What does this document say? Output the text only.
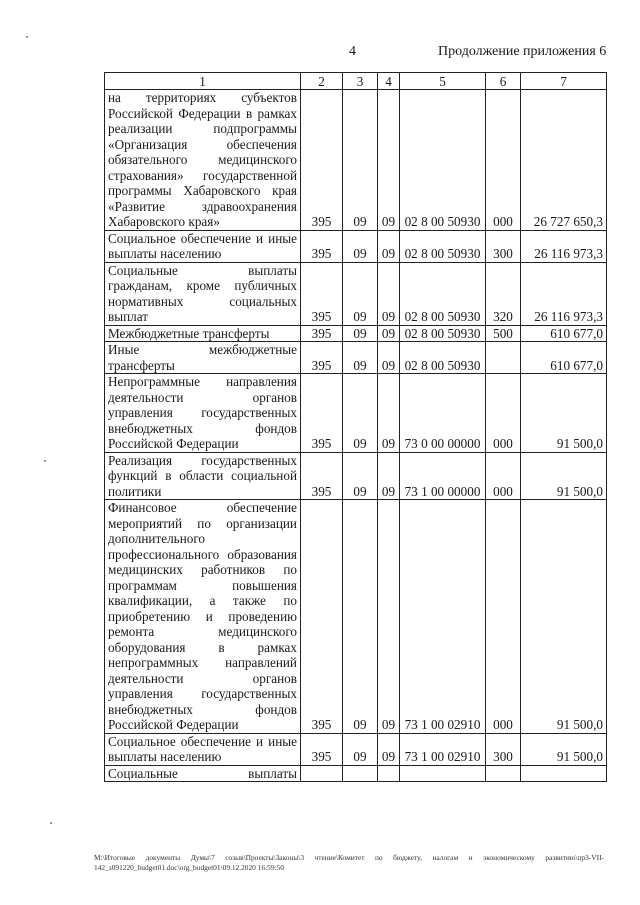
4	Продолжение приложения 6
1	2	3	4	5	6	7
на территориях субъектов Российской Федерации в рамках реализации подпрограммы «Организация обеспечения обязательного медицинского страхования» государственной программы Хабаровского края «Развитие здравоохранения Хабаровского края»	395	09	09	02 8 00 50930	000	26 727 650,3
Социальное обеспечение и иные выплаты населению	395	09	09	02 8 00 50930	300	26 116 973,3
Социальные выплаты гражданам, кроме публичных нормативных социальных выплат	395	09	09	02 8 00 50930	320	26 116 973,3
Межбюджетные трансферты	395	09	09	02 8 00 50930	500	610 677,0
Иные межбюджетные трансферты	395	09	09	02 8 00 50930		610 677,0
Непрограммные направления деятельности органов управления государственных внебюджетных фондов Российской Федерации	395	09	09	73 0 00 00000	000	91 500,0
Реализация государственных функций в области социальной политики	395	09	09	73 1 00 00000	000	91 500,0
Финансовое обеспечение мероприятий по организации дополнительного профессионального образования медицинских работников по программам повышения квалификации, а также по приобретению и проведению ремонта медицинского оборудования в рамках непрограммных направлений деятельности органов управления государственных внебюджетных фондов Российской Федерации	395	09	09	73 1 00 02910	000	91 500,0
Социальное обеспечение и иные выплаты населению	395	09	09	73 1 00 02910	300	91 500,0
Социальные выплаты						
M:\Итоговые документы Думы\7 созыв\Проекты\Законы\3 чтение\Комитет по бюджету, налогам и экономическому развитию\пр3-VII-
142_з091220_budget01.doc\org_budget01\09.12.2020 16:59:50
